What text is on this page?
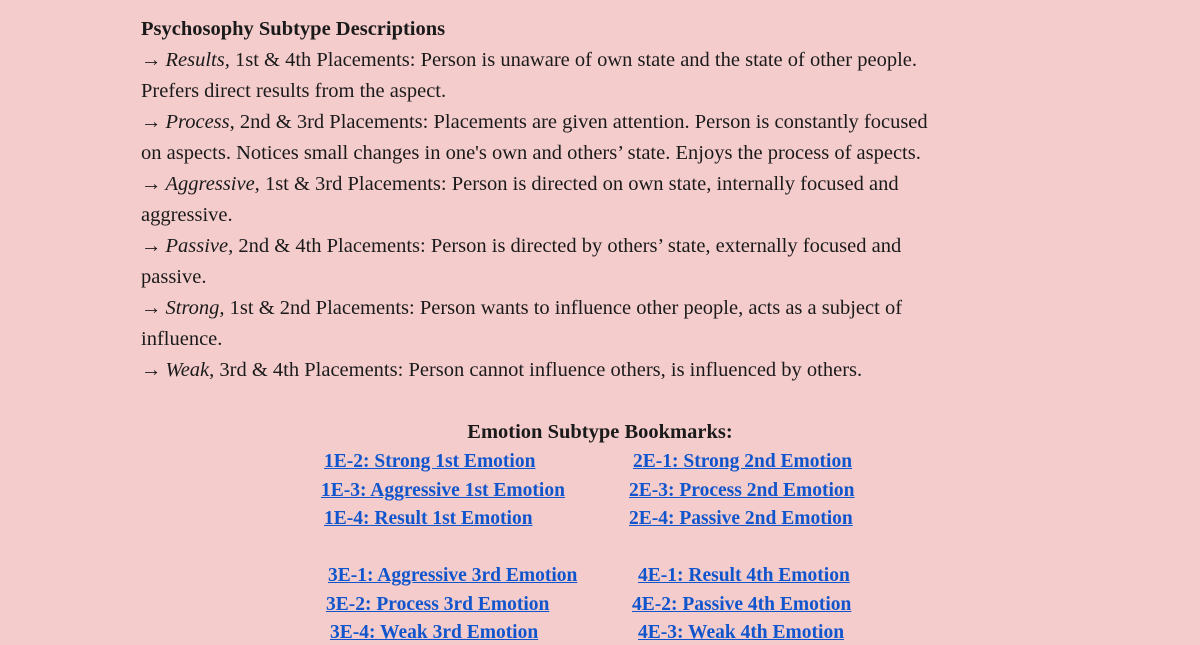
Psychosophy Subtype Descriptions
→ Results, 1st & 4th Placements: Person is unaware of own state and the state of other people.
Prefers direct results from the aspect.
→ Process, 2nd & 3rd Placements: Placements are given attention. Person is constantly focused
on aspects. Notices small changes in one's own and others’ state. Enjoys the process of aspects.
→ Aggressive, 1st & 3rd Placements: Person is directed on own state, internally focused and
aggressive.
→ Passive, 2nd & 4th Placements: Person is directed by others’ state, externally focused and
passive.
→ Strong, 1st & 2nd Placements: Person wants to influence other people, acts as a subject of
influence.
→ Weak, 3rd & 4th Placements: Person cannot influence others, is influenced by others.
Emotion Subtype Bookmarks:
1E-2: Strong 1st Emotion	2E-1: Strong 2nd Emotion
1E-3: Aggressive 1st Emotion	2E-3: Process 2nd Emotion
1E-4: Result 1st Emotion	2E-4: Passive 2nd Emotion
3E-1: Aggressive 3rd Emotion	4E-1: Result 4th Emotion
3E-2: Process 3rd Emotion	4E-2: Passive 4th Emotion
3E-4: Weak 3rd Emotion	4E-3: Weak 4th Emotion
